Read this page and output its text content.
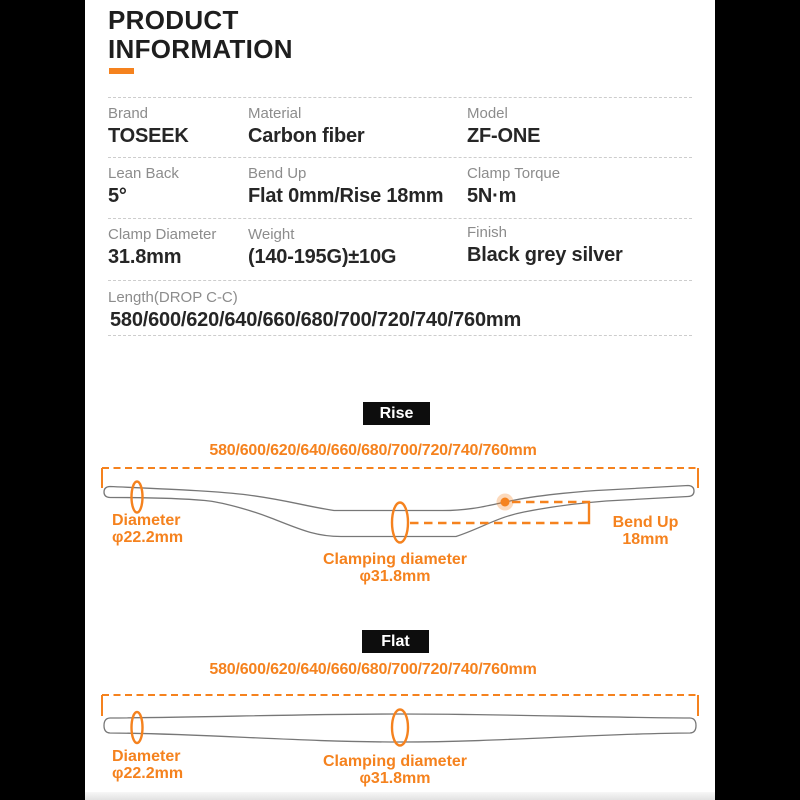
PRODUCT
INFORMATION
Brand
TOSEEK
Material
Carbon fiber
Model
ZF-ONE
Lean Back
5°
Bend Up
Flat 0mm/Rise 18mm
Clamp Torque
5N·m
Clamp Diameter
31.8mm
Weight
(140-195G)±10G
Finish
Black grey silver
Length(DROP C-C)
580/600/620/640/660/680/700/720/740/760mm
Rise
580/600/620/640/660/680/700/720/740/760mm
Diameter
φ22.2mm
Clamping diameter
φ31.8mm
Bend Up
18mm
Flat
580/600/620/640/660/680/700/720/740/760mm
Diameter
φ22.2mm
Clamping diameter
φ31.8mm
